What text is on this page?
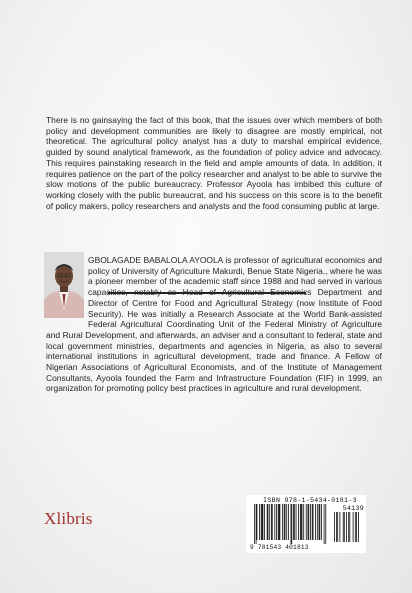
There is no gainsaying the fact of this book, that the issues over which members of both policy and development communities are likely to disagree are mostly empirical, not theoretical. The agricultural policy analyst has a duty to marshal empirical evidence, guided by sound analytical framework, as the foundation of policy advice and advocacy. This requires painstaking research in the field and ample amounts of data. In addition, it requires patience on the part of the policy researcher and analyst to be able to survive the slow motions of the public bureaucracy. Professor Ayoola has imbibed this culture of working closely with the public bureaucrat, and his success on this score is to the benefit of policy makers, policy researchers and analysts and the food consuming public at large.

GBOLAGADE BABALOLA AYOOLA is professor of agricultural economics and policy of University of Agriculture Makurdi, Benue State Nigeria., where he was a pioneer member of the academic staff since 1988 and had served in various capacities, notably as Head of Agricultural Economics Department and Director of Centre for Food and Agricultural Strategy (now Institute of Food Security). He was initially a Research Associate at the World Bank-assisted Federal Agricultural Coordinating Unit of the Federal Ministry of Agriculture and Rural Development, and afterwards, an adviser and a consultant to federal, state and local government ministries, departments and agencies in Nigeria, as also to several international institutions in agricultural development, trade and finance. A Fellow of Nigerian Associations of Agricultural Economists, and of the Institute of Management Consultants, Ayoola founded the Farm and Infrastructure Foundation (FIF) in 1999, an organization for promoting policy best practices in agriculture and rural development.

Xlibris

ISBN 978-1-5434-0181-3

54139
9 781543 401813
